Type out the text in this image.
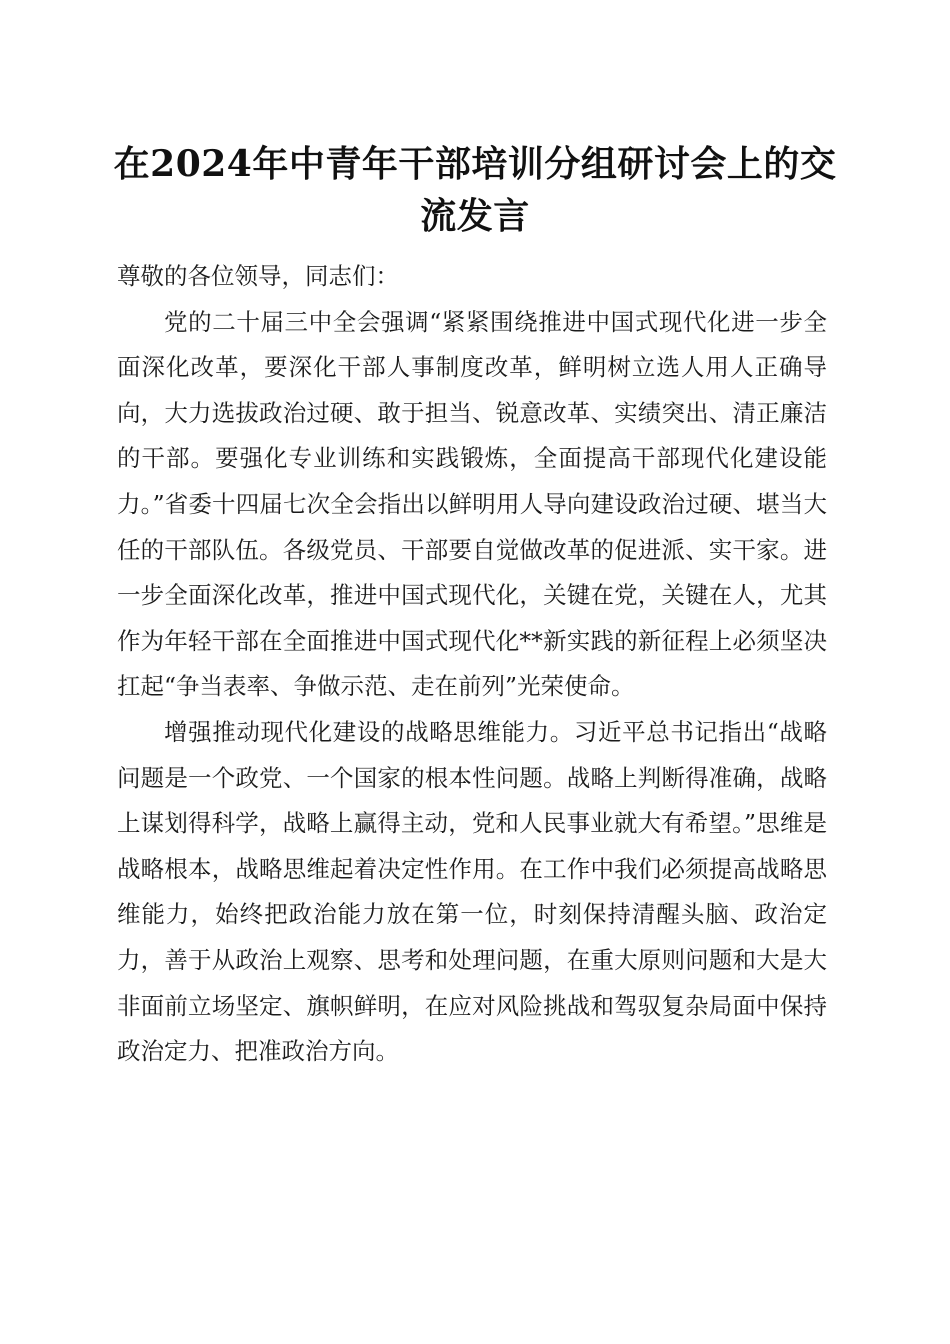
在2024年中青年干部培训分组研讨会上的交流发言

尊敬的各位领导，同志们：

党的二十届三中全会强调“紧紧围绕推进中国式现代化进一步全面深化改革，要深化干部人事制度改革，鲜明树立选人用人正确导向，大力选拔政治过硬、敢于担当、锐意改革、实绩突出、清正廉洁的干部。要强化专业训练和实践锻炼，全面提高干部现代化建设能力。”省委十四届七次全会指出以鲜明用人导向建设政治过硬、堪当大任的干部队伍。各级党员、干部要自觉做改革的促进派、实干家。进一步全面深化改革，推进中国式现代化，关键在党，关键在人，尤其作为年轻干部在全面推进中国式现代化**新实践的新征程上必须坚决扛起“争当表率、争做示范、走在前列”光荣使命。

增强推动现代化建设的战略思维能力。习近平总书记指出“战略问题是一个政党、一个国家的根本性问题。战略上判断得准确，战略上谋划得科学，战略上赢得主动，党和人民事业就大有希望。”思维是战略根本，战略思维起着决定性作用。在工作中我们必须提高战略思维能力，始终把政治能力放在第一位，时刻保持清醒头脑、政治定力，善于从政治上观察、思考和处理问题，在重大原则问题和大是大非面前立场坚定、旗帜鲜明，在应对风险挑战和驾驭复杂局面中保持政治定力、把准政治方向。
